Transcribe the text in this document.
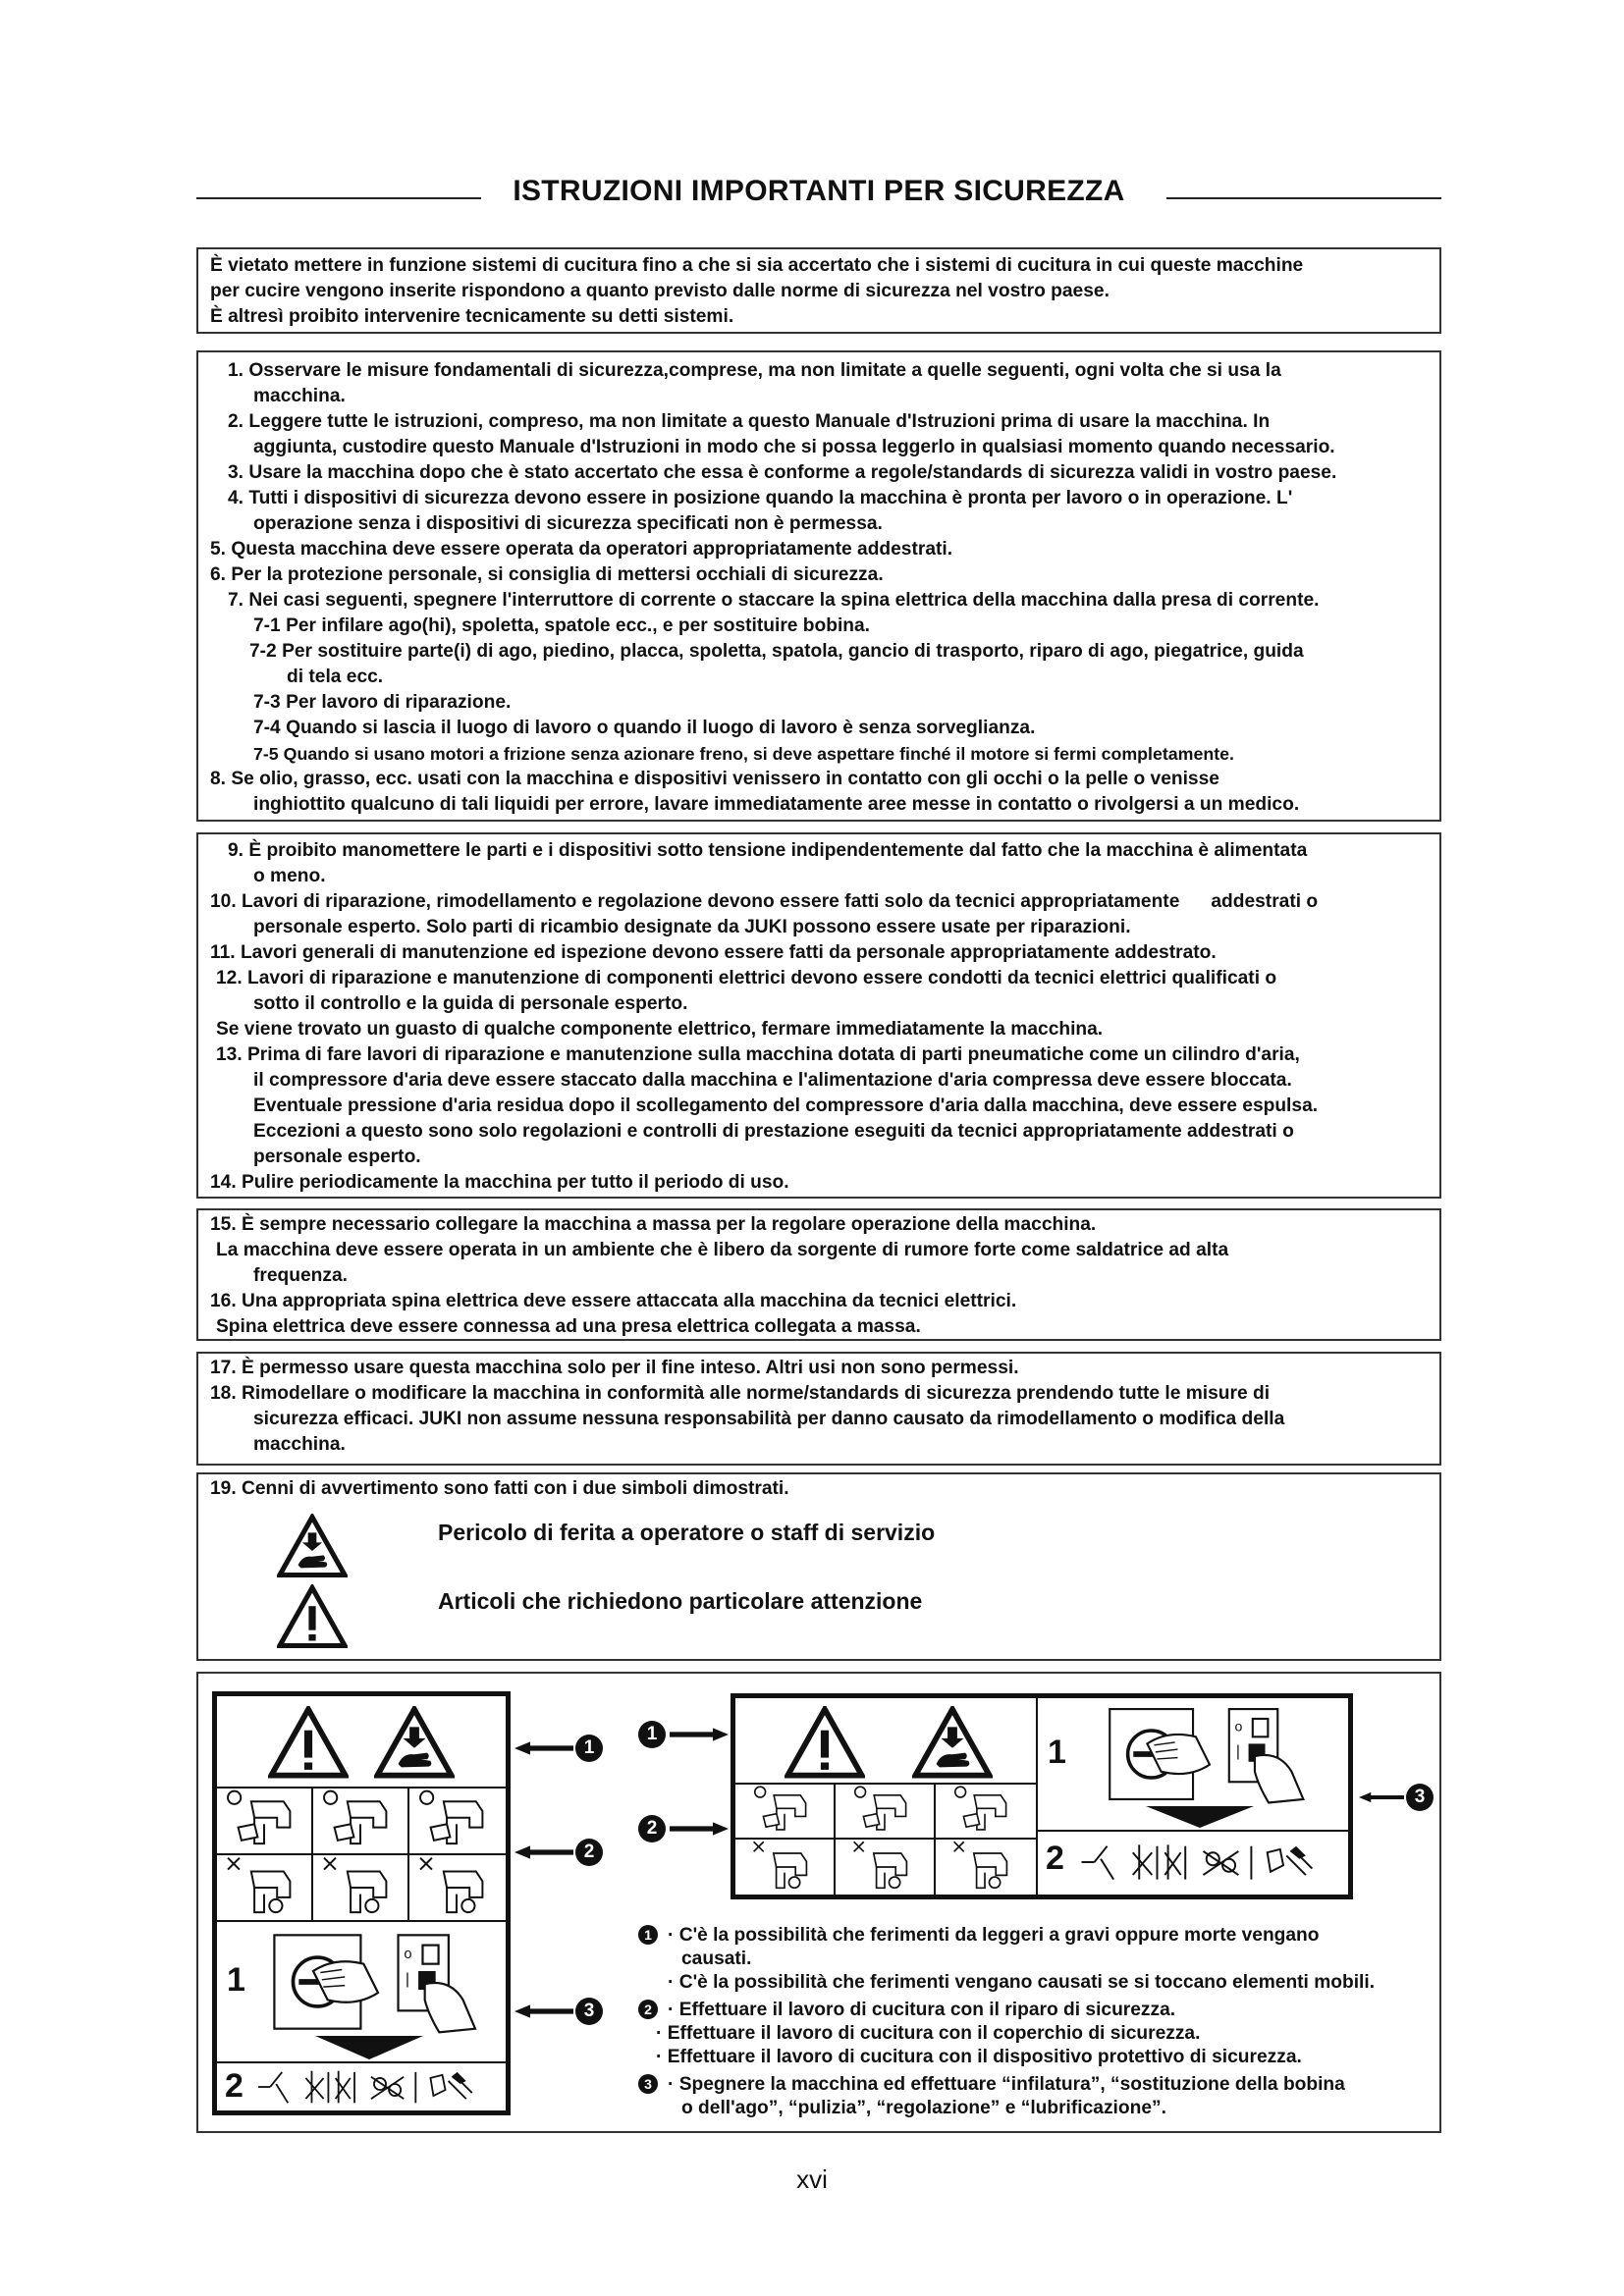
ISTRUZIONI IMPORTANTI PER SICUREZZA
È vietato mettere in funzione sistemi di cucitura fino a che si sia accertato che i sistemi di cucitura in cui queste macchine
per cucire vengono inserite rispondono a quanto previsto dalle norme di sicurezza nel vostro paese.
È altresì proibito intervenire tecnicamente su detti sistemi.
1. Osservare le misure fondamentali di sicurezza,comprese, ma non limitate a quelle seguenti, ogni volta che si usa la
macchina.
2. Leggere tutte le istruzioni, compreso, ma non limitate a questo Manuale d'Istruzioni prima di usare la macchina. In
aggiunta, custodire questo Manuale d'Istruzioni in modo che si possa leggerlo in qualsiasi momento quando necessario.
3. Usare la macchina dopo che è stato accertato che essa è conforme a regole/standards di sicurezza validi in vostro paese.
4. Tutti i dispositivi di sicurezza devono essere in posizione quando la macchina è pronta per lavoro o in operazione. L'
operazione senza i dispositivi di sicurezza specificati non è permessa.
5. Questa macchina deve essere operata da operatori appropriatamente addestrati.
6. Per la protezione personale, si consiglia di mettersi occhiali di sicurezza.
7. Nei casi seguenti, spegnere l'interruttore di corrente o staccare la spina elettrica della macchina dalla presa di corrente.
7-1 Per infilare ago(hi), spoletta, spatole ecc., e per sostituire bobina.
7-2 Per sostituire parte(i) di ago, piedino, placca, spoletta, spatola, gancio di trasporto, riparo di ago, piegatrice, guida
di tela ecc.
7-3 Per lavoro di riparazione.
7-4 Quando si lascia il luogo di lavoro o quando il luogo di lavoro è senza sorveglianza.
7-5 Quando si usano motori a frizione senza azionare freno, si deve aspettare finché il motore si fermi completamente.
8. Se olio, grasso, ecc. usati con la macchina e dispositivi venissero in contatto con gli occhi o la pelle o venisse
inghiottito qualcuno di tali liquidi per errore, lavare immediatamente aree messe in contatto o rivolgersi a un medico.
9. È proibito manomettere le parti e i dispositivi sotto tensione indipendentemente dal fatto che la macchina è alimentata
o meno.
10. Lavori di riparazione, rimodellamento e regolazione devono essere fatti solo da tecnici appropriatamente      addestrati o
personale esperto. Solo parti di ricambio designate da JUKI possono essere usate per riparazioni.
11. Lavori generali di manutenzione ed ispezione devono essere fatti da personale appropriatamente addestrato.
12. Lavori di riparazione e manutenzione di componenti elettrici devono essere condotti da tecnici elettrici qualificati o
sotto il controllo e la guida di personale esperto.
Se viene trovato un guasto di qualche componente elettrico, fermare immediatamente la macchina.
13. Prima di fare lavori di riparazione e manutenzione sulla macchina dotata di parti pneumatiche come un cilindro d'aria,
il compressore d'aria deve essere staccato dalla macchina e l'alimentazione d'aria compressa deve essere bloccata.
Eventuale pressione d'aria residua dopo il scollegamento del compressore d'aria dalla macchina, deve essere espulsa.
Eccezioni a questo sono solo regolazioni e controlli di prestazione eseguiti da tecnici appropriatamente addestrati o
personale esperto.
14. Pulire periodicamente la macchina per tutto il periodo di uso.
15. È sempre necessario collegare la macchina a massa per la regolare operazione della macchina.
La macchina deve essere operata in un ambiente che è libero da sorgente di rumore forte come saldatrice ad alta
frequenza.
16. Una appropriata spina elettrica deve essere attaccata alla macchina da tecnici elettrici.
Spina elettrica deve essere connessa ad una presa elettrica collegata a massa.
17. È permesso usare questa macchina solo per il fine inteso. Altri usi non sono permessi.
18. Rimodellare o modificare la macchina in conformità alle norme/standards di sicurezza prendendo tutte le misure di
sicurezza efficaci. JUKI non assume nessuna responsabilità per danno causato da rimodellamento o modifica della
macchina.
19. Cenni di avvertimento sono fatti con i due simboli dimostrati.
Pericolo di ferita a operatore o staff di servizio
Articoli che richiedono particolare attenzione
1
2
1
2
3
1
2
1
2
3
1 · C'è la possibilità che ferimenti da leggeri a gravi oppure morte vengano
causati.
· C'è la possibilità che ferimenti vengano causati se si toccano elementi mobili.
2 · Effettuare il lavoro di cucitura con il riparo di sicurezza.
· Effettuare il lavoro di cucitura con il coperchio di sicurezza.
· Effettuare il lavoro di cucitura con il dispositivo protettivo di sicurezza.
3 · Spegnere la macchina ed effettuare “infilatura”, “sostituzione della bobina
o dell'ago”, “pulizia”, “regolazione” e “lubrificazione”.
xvi
